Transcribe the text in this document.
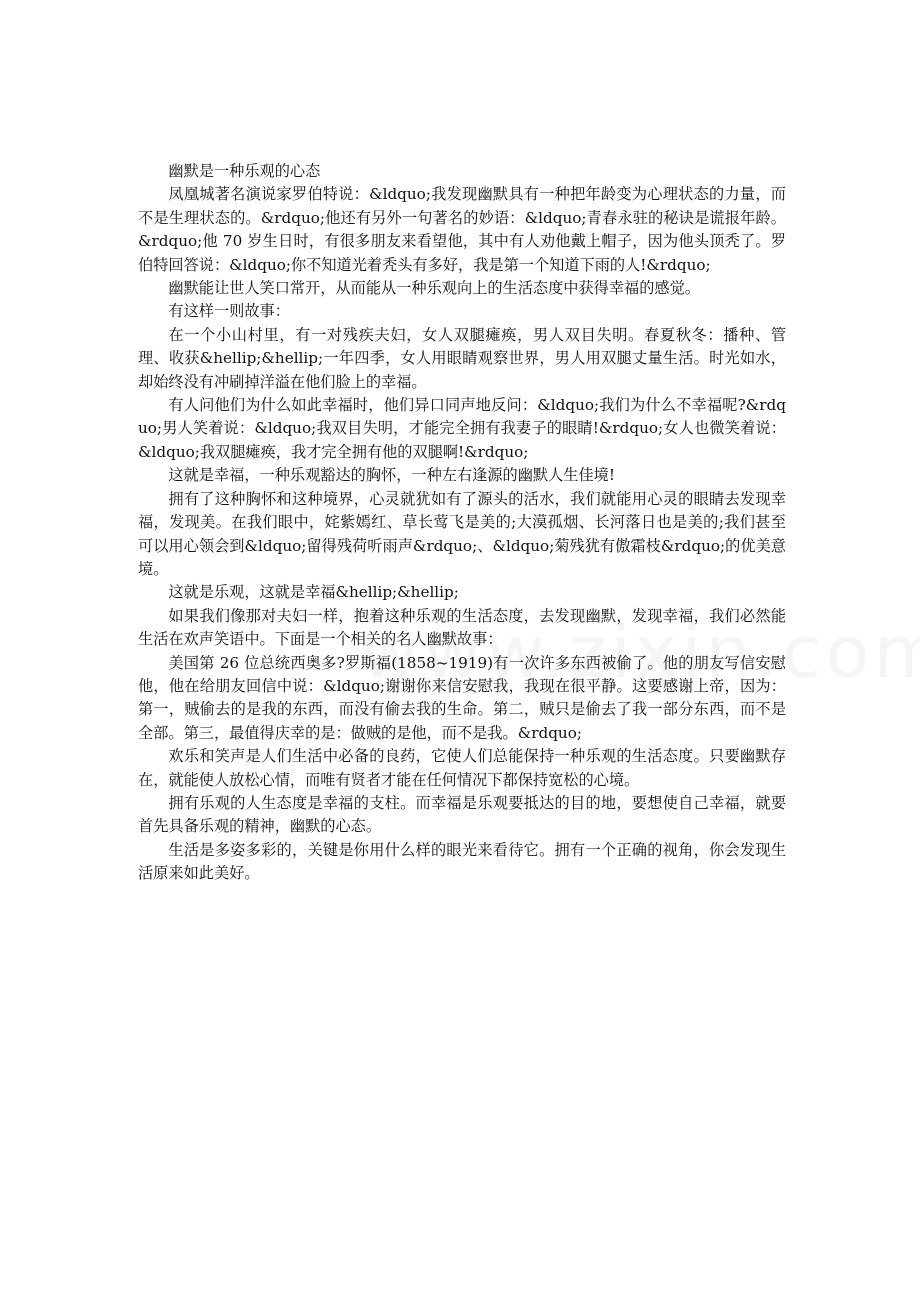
幽默是一种乐观的心态

凤凰城著名演说家罗伯特说：&ldquo;我发现幽默具有一种把年龄变为心理状态的力量，而不是生理状态的。&rdquo;他还有另外一句著名的妙语：&ldquo;青春永驻的秘诀是谎报年龄。&rdquo;他 70 岁生日时，有很多朋友来看望他，其中有人劝他戴上帽子，因为他头顶秃了。罗伯特回答说：&ldquo;你不知道光着秃头有多好，我是第一个知道下雨的人!&rdquo;

幽默能让世人笑口常开，从而能从一种乐观向上的生活态度中获得幸福的感觉。

有这样一则故事：

在一个小山村里，有一对残疾夫妇，女人双腿瘫痪，男人双目失明。春夏秋冬：播种、管理、收获&hellip;&hellip;一年四季，女人用眼睛观察世界，男人用双腿丈量生活。时光如水，却始终没有冲刷掉洋溢在他们脸上的幸福。

有人问他们为什么如此幸福时，他们异口同声地反问：&ldquo;我们为什么不幸福呢?&rdquo;男人笑着说：&ldquo;我双目失明，才能完全拥有我妻子的眼睛!&rdquo;女人也微笑着说：&ldquo;我双腿瘫痪，我才完全拥有他的双腿啊!&rdquo;

这就是幸福，一种乐观豁达的胸怀，一种左右逢源的幽默人生佳境!

拥有了这种胸怀和这种境界，心灵就犹如有了源头的活水，我们就能用心灵的眼睛去发现幸福，发现美。在我们眼中，姹紫嫣红、草长莺飞是美的;大漠孤烟、长河落日也是美的;我们甚至可以用心领会到&ldquo;留得残荷听雨声&rdquo;、&ldquo;菊残犹有傲霜枝&rdquo;的优美意境。

这就是乐观，这就是幸福&hellip;&hellip;

如果我们像那对夫妇一样，抱着这种乐观的生活态度，去发现幽默，发现幸福，我们必然能生活在欢声笑语中。下面是一个相关的名人幽默故事：

美国第 26 位总统西奥多?罗斯福(1858~1919)有一次许多东西被偷了。他的朋友写信安慰他，他在给朋友回信中说：&ldquo;谢谢你来信安慰我，我现在很平静。这要感谢上帝，因为：第一，贼偷去的是我的东西，而没有偷去我的生命。第二，贼只是偷去了我一部分东西，而不是全部。第三，最值得庆幸的是：做贼的是他，而不是我。&rdquo;

欢乐和笑声是人们生活中必备的良药，它使人们总能保持一种乐观的生活态度。只要幽默存在，就能使人放松心情，而唯有贤者才能在任何情况下都保持宽松的心境。

拥有乐观的人生态度是幸福的支柱。而幸福是乐观要抵达的目的地，要想使自己幸福，就要首先具备乐观的精神，幽默的心态。

生活是多姿多彩的，关键是你用什么样的眼光来看待它。拥有一个正确的视角，你会发现生活原来如此美好。
